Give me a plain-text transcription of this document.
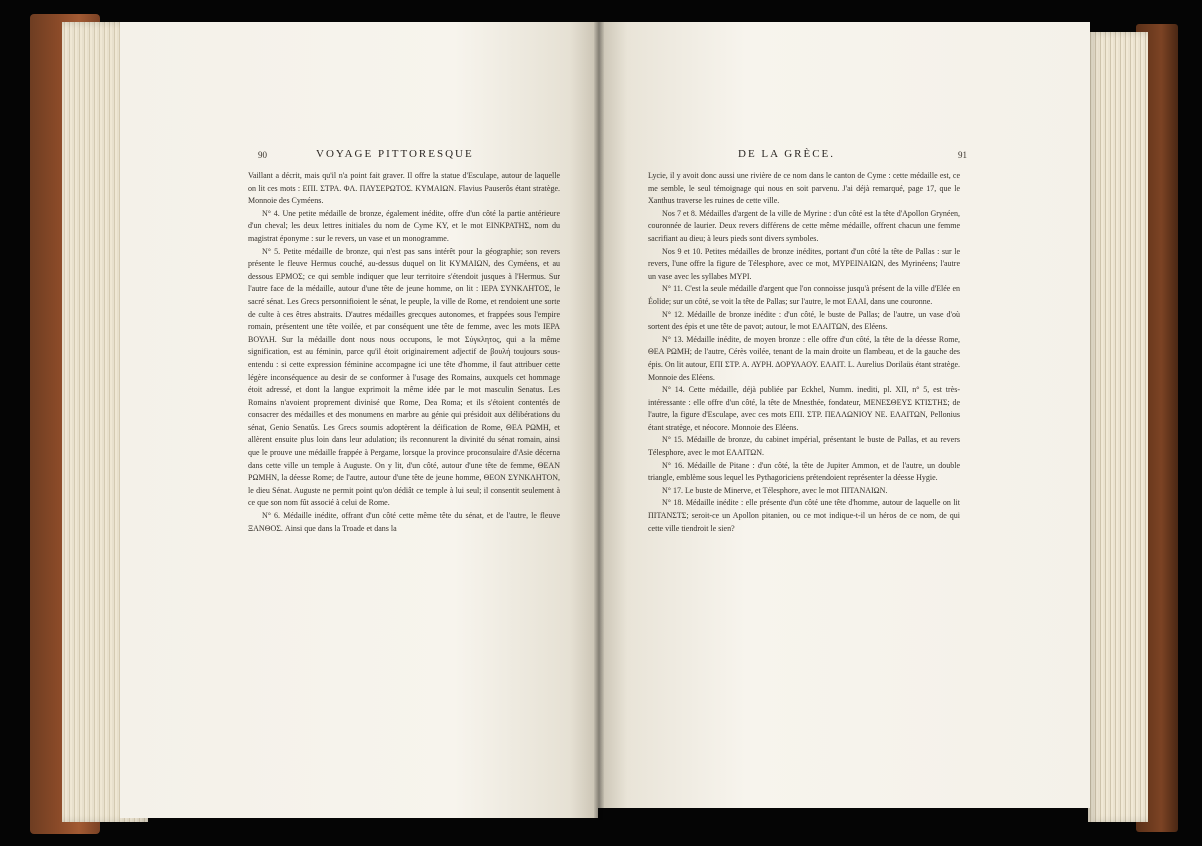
90	VOYAGE PITTORESQUE

Vaillant a décrit, mais qu'il n'a point fait graver. Il offre la statue d'Esculape, autour de laquelle on lit ces mots : ΕΠΙ. ΣΤΡΑ. ΦΛ. ΠΑΥΣΕΡΩΤΟΣ. ΚΥΜΑΙΩΝ. Flavius Pauserôs étant stratège. Monnoie des Cyméens.

N° 4. Une petite médaille de bronze, également inédite, offre d'un côté la partie antérieure d'un cheval; les deux lettres initiales du nom de Cyme ΚΥ, et le mot ΕΙΝΚΡΑΤΗΣ, nom du magistrat éponyme : sur le revers, un vase et un monogramme.

N° 5. Petite médaille de bronze, qui n'est pas sans intérêt pour la géographie; son revers présente le fleuve Hermus couché, au-dessus duquel on lit ΚΥΜΑΙΩΝ, des Cyméens, et au dessous ΕΡΜΟΣ; ce qui semble indiquer que leur territoire s'étendoit jusques à l'Hermus. Sur l'autre face de la médaille, autour d'une tête de jeune homme, on lit : ΙΕΡΑ ΣΥΝΚΛΗΤΟΣ, le sacré sénat. Les Grecs personnifioient le sénat, le peuple, la ville de Rome, et rendoient une sorte de culte à ces êtres abstraits. D'autres médailles grecques autonomes, et frappées sous l'empire romain, présentent une tête voilée, et par conséquent une tête de femme, avec les mots ΙΕΡΑ ΒΟΥΛΗ. Sur la médaille dont nous nous occupons, le mot Σύγκλητος, qui a la même signification, est au féminin, parce qu'il étoit originairement adjectif de βουλή toujours sous-entendu : si cette expression féminine accompagne ici une tête d'homme, il faut attribuer cette légère inconséquence au desir de se conformer à l'usage des Romains, auxquels cet hommage étoit adressé, et dont la langue exprimoit la même idée par le mot masculin Senatus. Les Romains n'avoient proprement divinisé que Rome, Dea Roma; et ils s'étoient contentés de consacrer des médailles et des monumens en marbre au génie qui présidoit aux délibérations du sénat, Genio Senatûs. Les Grecs soumis adoptèrent la déification de Rome, ΘΕΑ ΡΩΜΗ, et allèrent ensuite plus loin dans leur adulation; ils reconnurent la divinité du sénat romain, ainsi que le prouve une médaille frappée à Pergame, lorsque la province proconsulaire d'Asie décerna dans cette ville un temple à Auguste. On y lit, d'un côté, autour d'une tête de femme, ΘΕΑΝ ΡΩΜΗΝ, la déesse Rome; de l'autre, autour d'une tête de jeune homme, ΘΕΟΝ ΣΥΝΚΛΗΤΟΝ, le dieu Sénat. Auguste ne permit point qu'on dédiât ce temple à lui seul; il consentit seulement à ce que son nom fût associé à celui de Rome.

N° 6. Médaille inédite, offrant d'un côté cette même tête du sénat, et de l'autre, le fleuve ΞΑΝΘΟΣ. Ainsi que dans la Troade et dans la

DE LA GRÈCE.	91

Lycie, il y avoit donc aussi une rivière de ce nom dans le canton de Cyme : cette médaille est, ce me semble, le seul témoignage qui nous en soit parvenu. J'ai déjà remarqué, page 17, que le Xanthus traverse les ruines de cette ville.

Nos 7 et 8. Médailles d'argent de la ville de Myrine : d'un côté est la tête d'Apollon Grynéen, couronnée de laurier. Deux revers différens de cette même médaille, offrent chacun une femme sacrifiant au dieu; à leurs pieds sont divers symboles.

Nos 9 et 10. Petites médailles de bronze inédites, portant d'un côté la tête de Pallas : sur le revers, l'une offre la figure de Télesphore, avec ce mot, ΜΥΡΕΙΝΑΙΩΝ, des Myrinéens; l'autre un vase avec les syllabes ΜΥΡΙ.

N° 11. C'est la seule médaille d'argent que l'on connoisse jusqu'à présent de la ville d'Elée en Éolide; sur un côté, se voit la tête de Pallas; sur l'autre, le mot ΕΛΑΙ, dans une couronne.

N° 12. Médaille de bronze inédite : d'un côté, le buste de Pallas; de l'autre, un vase d'où sortent des épis et une tête de pavot; autour, le mot ΕΛΑΙΤΩΝ, des Eléens.

N° 13. Médaille inédite, de moyen bronze : elle offre d'un côté, la tête de la déesse Rome, ΘΕΑ ΡΩΜΗ; de l'autre, Cérès voilée, tenant de la main droite un flambeau, et de la gauche des épis. On lit autour, ΕΠΙ ΣΤΡ. Α. ΑΥΡΗ. ΔΟΡΥΛΑΟΥ. ΕΛΑΙΤ. L. Aurelius Dorilaüs étant stratège. Monnoie des Eléens.

N° 14. Cette médaille, déjà publiée par Eckhel, Numm. inediti, pl. XII, n° 5, est très-intéressante : elle offre d'un côté, la tête de Mnesthée, fondateur, ΜΕΝΕΣΘΕΥΣ ΚΤΙΣΤΗΣ; de l'autre, la figure d'Esculape, avec ces mots ΕΠΙ. ΣΤΡ. ΠΕΛΛΩΝΙΟΥ ΝΕ. ΕΛΑΙΤΩΝ, Pellonius étant stratège, et néocore. Monnoie des Eléens.

N° 15. Médaille de bronze, du cabinet impérial, présentant le buste de Pallas, et au revers Télesphore, avec le mot ΕΛΑΙΤΩΝ.

N° 16. Médaille de Pitane : d'un côté, la tête de Jupiter Ammon, et de l'autre, un double triangle, emblème sous lequel les Pythagoriciens prétendoient représenter la déesse Hygie.

N° 17. Le buste de Minerve, et Télesphore, avec le mot ΠΙΤΑΝΑΙΩΝ.

N° 18. Médaille inédite : elle présente d'un côté une tête d'homme, autour de laquelle on lit ΠΙΤΑΝΣΤΣ; seroit-ce un Apollon pitanien, ou ce mot indique-t-il un héros de ce nom, de qui cette ville tiendroit le sien?
